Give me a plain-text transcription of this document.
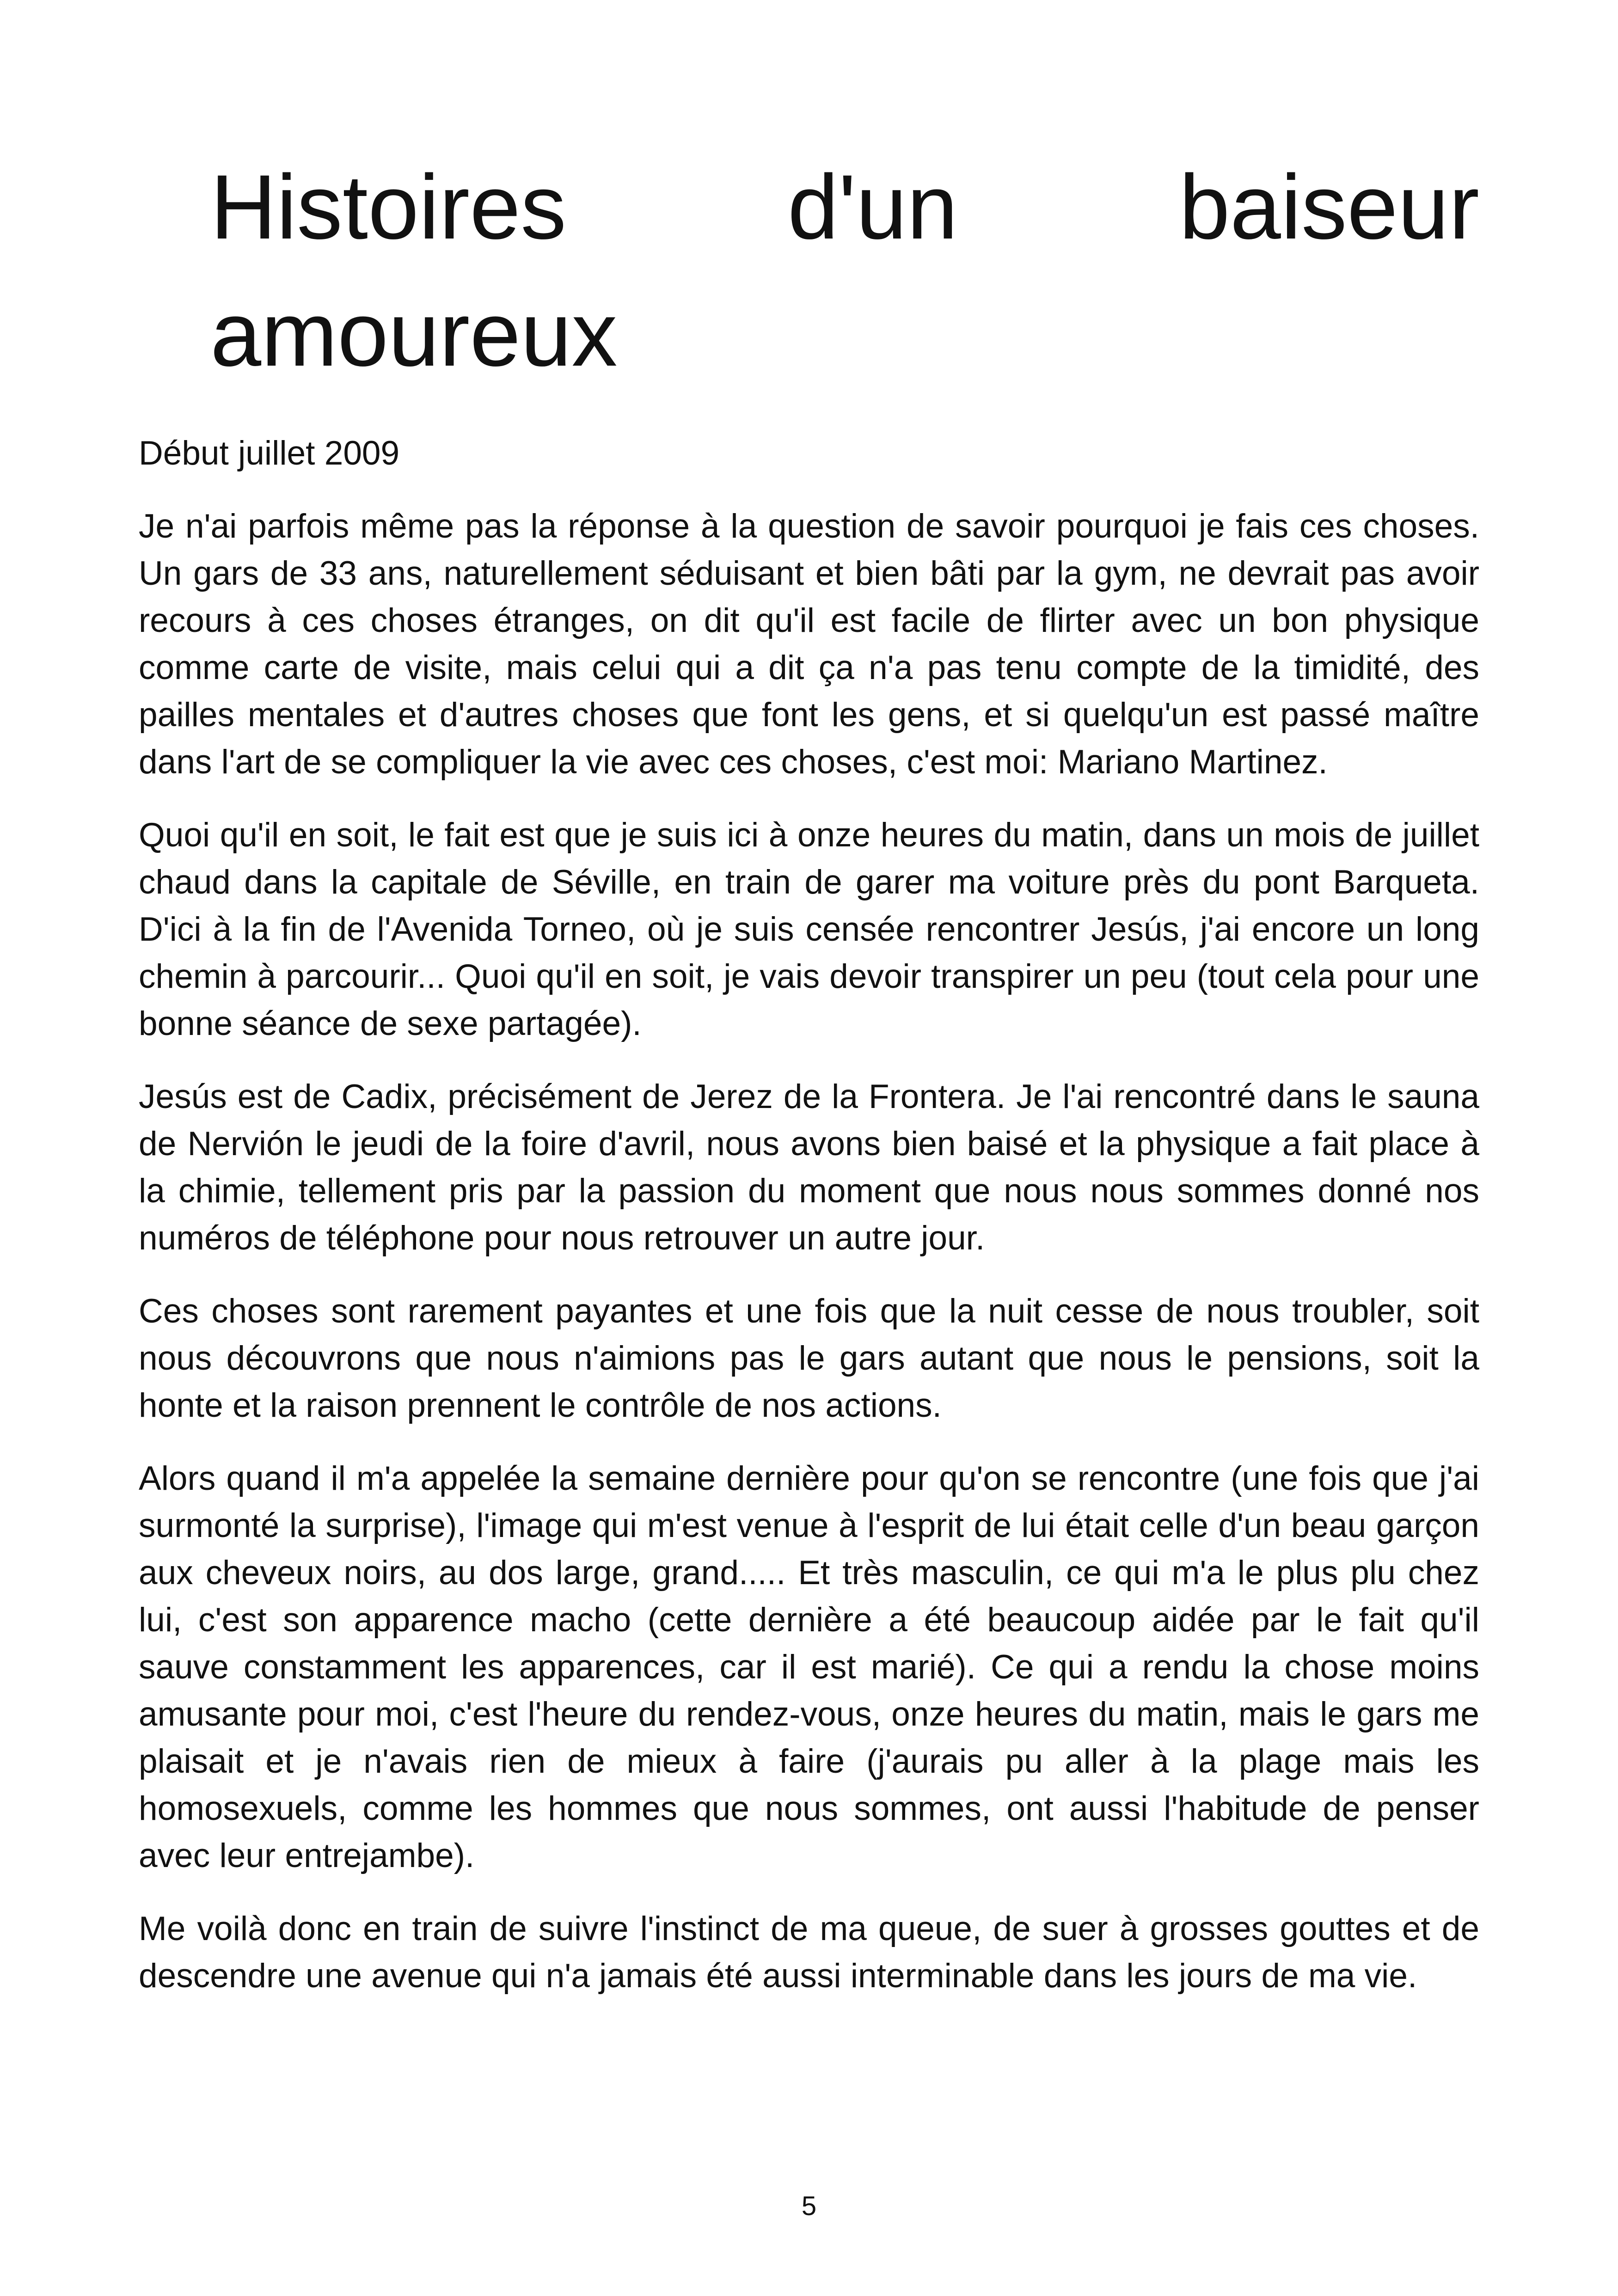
Histoires d'un baiseur
amoureux

Début juillet 2009

Je n'ai parfois même pas la réponse à la question de savoir pourquoi je fais ces choses. Un gars de 33 ans, naturellement séduisant et bien bâti par la gym, ne devrait pas avoir recours à ces choses étranges, on dit qu'il est facile de flirter avec un bon physique comme carte de visite, mais celui qui a dit ça n'a pas tenu compte de la timidité, des pailles mentales et d'autres choses que font les gens, et si quelqu'un est passé maître dans l'art de se compliquer la vie avec ces choses, c'est moi: Mariano Martinez.

Quoi qu'il en soit, le fait est que je suis ici à onze heures du matin, dans un mois de juillet chaud dans la capitale de Séville, en train de garer ma voiture près du pont Barqueta. D'ici à la fin de l'Avenida Torneo, où je suis censée rencontrer Jesús, j'ai encore un long chemin à parcourir... Quoi qu'il en soit, je vais devoir transpirer un peu (tout cela pour une bonne séance de sexe partagée).

Jesús est de Cadix, précisément de Jerez de la Frontera. Je l'ai rencontré dans le sauna de Nervión le jeudi de la foire d'avril, nous avons bien baisé et la physique a fait place à la chimie, tellement pris par la passion du moment que nous nous sommes donné nos numéros de téléphone pour nous retrouver un autre jour.

Ces choses sont rarement payantes et une fois que la nuit cesse de nous troubler, soit nous découvrons que nous n'aimions pas le gars autant que nous le pensions, soit la honte et la raison prennent le contrôle de nos actions.

Alors quand il m'a appelée la semaine dernière pour qu'on se rencontre (une fois que j'ai surmonté la surprise), l'image qui m'est venue à l'esprit de lui était celle d'un beau garçon aux cheveux noirs, au dos large, grand..... Et très masculin, ce qui m'a le plus plu chez lui, c'est son apparence macho (cette dernière a été beaucoup aidée par le fait qu'il sauve constamment les apparences, car il est marié). Ce qui a rendu la chose moins amusante pour moi, c'est l'heure du rendez-vous, onze heures du matin, mais le gars me plaisait et je n'avais rien de mieux à faire (j'aurais pu aller à la plage mais les homosexuels, comme les hommes que nous sommes, ont aussi l'habitude de penser avec leur entrejambe).

Me voilà donc en train de suivre l'instinct de ma queue, de suer à grosses gouttes et de descendre une avenue qui n'a jamais été aussi interminable dans les jours de ma vie.

5
